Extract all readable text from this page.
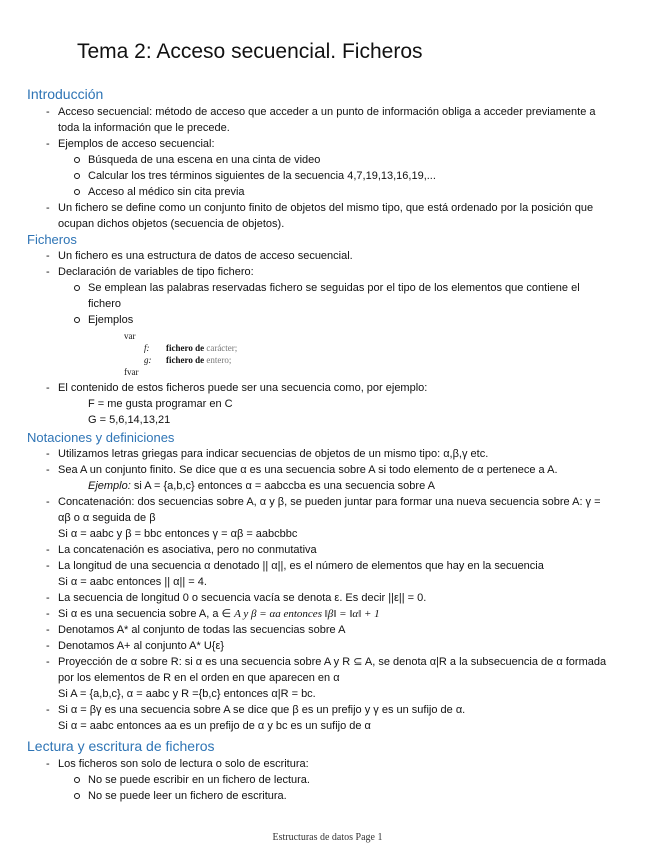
Tema 2: Acceso secuencial. Ficheros
Introducción
- Acceso secuencial: método de acceso que acceder a un punto de información obliga a acceder previamente a toda la información que le precede.
- Ejemplos de acceso secuencial:
Búsqueda de una escena en una cinta de video
Calcular los tres términos siguientes de la secuencia 4,7,19,13,16,19,...
Acceso al médico sin cita previa
- Un fichero se define como un conjunto finito de objetos del mismo tipo, que está ordenado por la posición que ocupan dichos objetos (secuencia de objetos).
Ficheros
- Un fichero es una estructura de datos de acceso secuencial.
- Declaración de variables de tipo fichero:
Se emplean las palabras reservadas fichero se seguidas por el tipo de los elementos que contiene el fichero
Ejemplos
var
f: fichero de carácter;
g: fichero de entero;
fvar
- El contenido de estos ficheros puede ser una secuencia como, por ejemplo:
F = me gusta programar en C
G = 5,6,14,13,21
Notaciones y definiciones
- Utilizamos letras griegas para indicar secuencias de objetos de un mismo tipo: α,β,γ etc.
- Sea A un conjunto finito. Se dice que α es una secuencia sobre A si todo elemento de α pertenece a A.
Ejemplo: si A = {a,b,c} entonces α = aabccba es una secuencia sobre A
- Concatenación: dos secuencias sobre A, α y β, se pueden juntar para formar una nueva secuencia sobre A: γ = αβ o α seguida de β
Si α = aabc y β = bbc entonces γ = αβ = aabcbbc
- La concatenación es asociativa, pero no conmutativa
- La longitud de una secuencia α denotado || α||, es el número de elementos que hay en la secuencia
Si α = aabc entonces || α|| = 4.
- La secuencia de longitud 0 o secuencia vacía se denota ε. Es decir ||ε|| = 0.
- Si α es una secuencia sobre A, a ∈ A y β = αa entonces ‖β‖ = ‖α‖ + 1
- Denotamos A* al conjunto de todas las secuencias sobre A
- Denotamos A+ al conjunto A* U{ε}
- Proyección de α sobre R: si α es una secuencia sobre A y R ⊆ A, se denota α|R a la subsecuencia de α formada por los elementos de R en el orden en que aparecen en α
Si A = {a,b,c}, α = aabc y R ={b,c} entonces α|R = bc.
- Si α = βγ es una secuencia sobre A se dice que β es un prefijo y γ es un sufijo de α.
Si α = aabc entonces aa es un prefijo de α y bc es un sufijo de α
Lectura y escritura de ficheros
- Los ficheros son solo de lectura o solo de escritura:
No se puede escribir en un fichero de lectura.
No se puede leer un fichero de escritura.
Estructuras de datos Page 1
